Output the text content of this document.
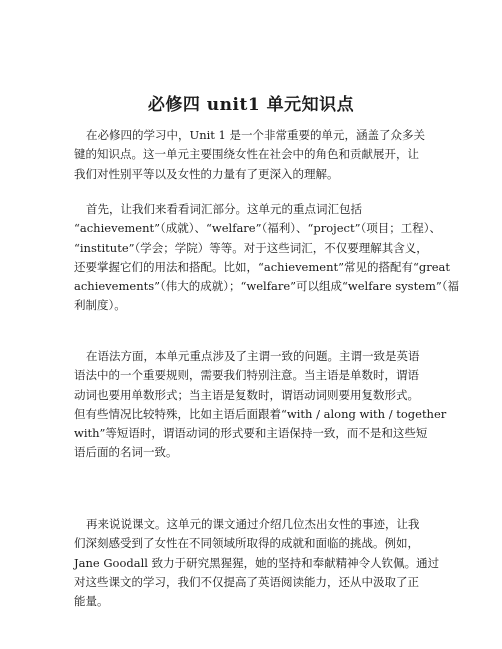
必修四 unit1 单元知识点

在必修四的学习中，Unit 1 是一个非常重要的单元，涵盖了众多关
键的知识点。这一单元主要围绕女性在社会中的角色和贡献展开，让
我们对性别平等以及女性的力量有了更深入的理解。

首先，让我们来看看词汇部分。这单元的重点词汇包括
“achievement”（成就）、“welfare”（福利）、“project”（项目；工程）、
“institute”（学会；学院）等等。对于这些词汇，不仅要理解其含义，
还要掌握它们的用法和搭配。比如，“achievement”常见的搭配有“great
achievements”（伟大的成就）；“welfare”可以组成“welfare system”（福
利制度）。

在语法方面，本单元重点涉及了主谓一致的问题。主谓一致是英语
语法中的一个重要规则，需要我们特别注意。当主语是单数时，谓语
动词也要用单数形式；当主语是复数时，谓语动词则要用复数形式。
但有些情况比较特殊，比如主语后面跟着“with / along with / together
with”等短语时，谓语动词的形式要和主语保持一致，而不是和这些短
语后面的名词一致。

再来说说课文。这单元的课文通过介绍几位杰出女性的事迹，让我
们深刻感受到了女性在不同领域所取得的成就和面临的挑战。例如，
Jane Goodall 致力于研究黑猩猩，她的坚持和奉献精神令人钦佩。通过
对这些课文的学习，我们不仅提高了英语阅读能力，还从中汲取了正
能量。
